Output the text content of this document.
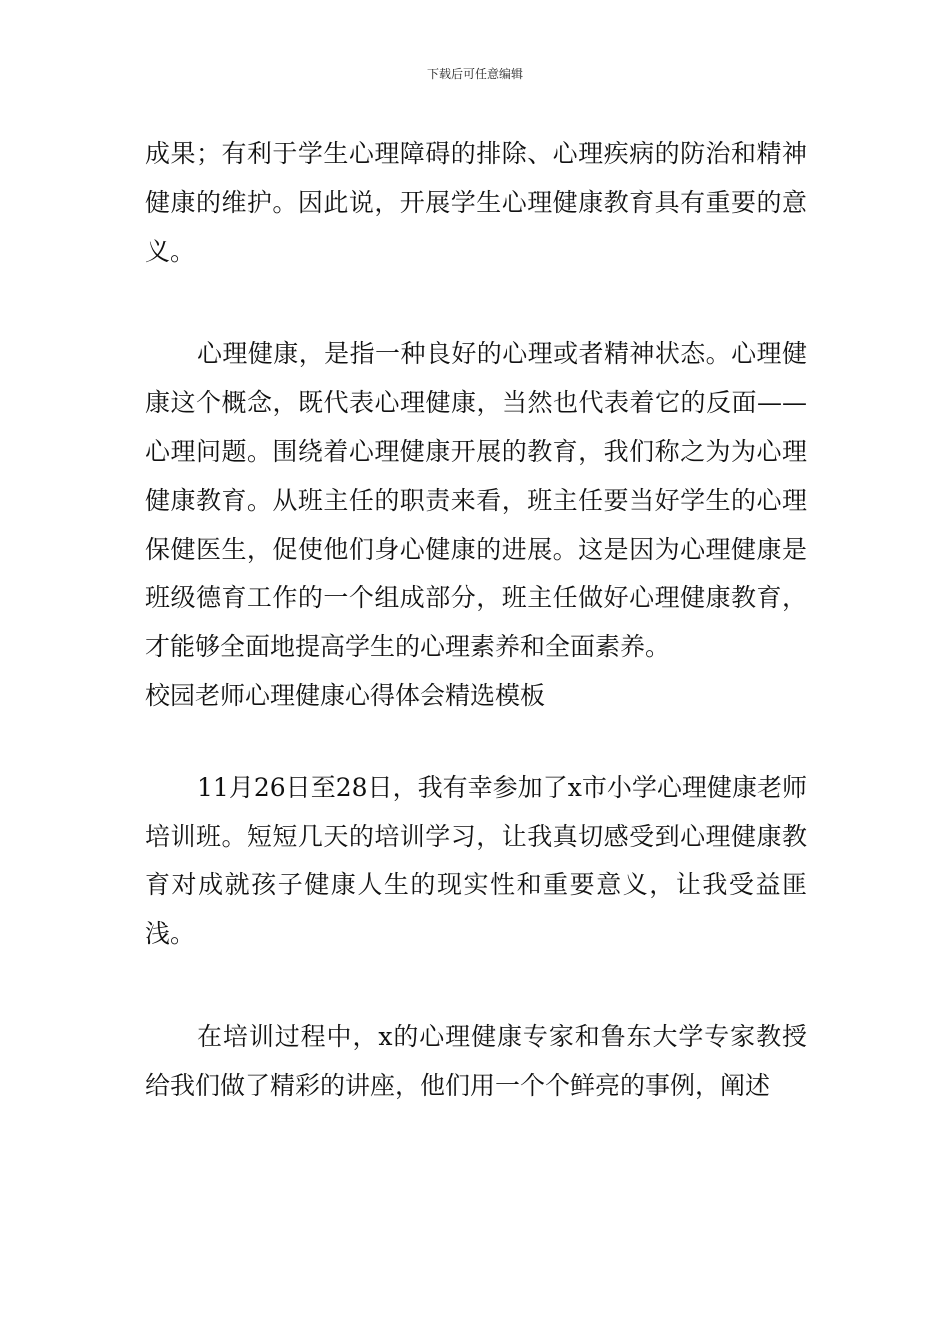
下载后可任意编辑

成果；有利于学生心理障碍的排除、心理疾病的防治和精神健康的维护。因此说，开展学生心理健康教育具有重要的意义。

心理健康，是指一种良好的心理或者精神状态。心理健康这个概念，既代表心理健康，当然也代表着它的反面——心理问题。围绕着心理健康开展的教育，我们称之为为心理健康教育。从班主任的职责来看，班主任要当好学生的心理保健医生，促使他们身心健康的进展。这是因为心理健康是班级德育工作的一个组成部分，班主任做好心理健康教育，才能够全面地提高学生的心理素养和全面素养。

校园老师心理健康心得体会精选模板

11月26日至28日，我有幸参加了x市小学心理健康老师培训班。短短几天的培训学习，让我真切感受到心理健康教育对成就孩子健康人生的现实性和重要意义，让我受益匪浅。

在培训过程中，x的心理健康专家和鲁东大学专家教授给我们做了精彩的讲座，他们用一个个鲜亮的事例，阐述
